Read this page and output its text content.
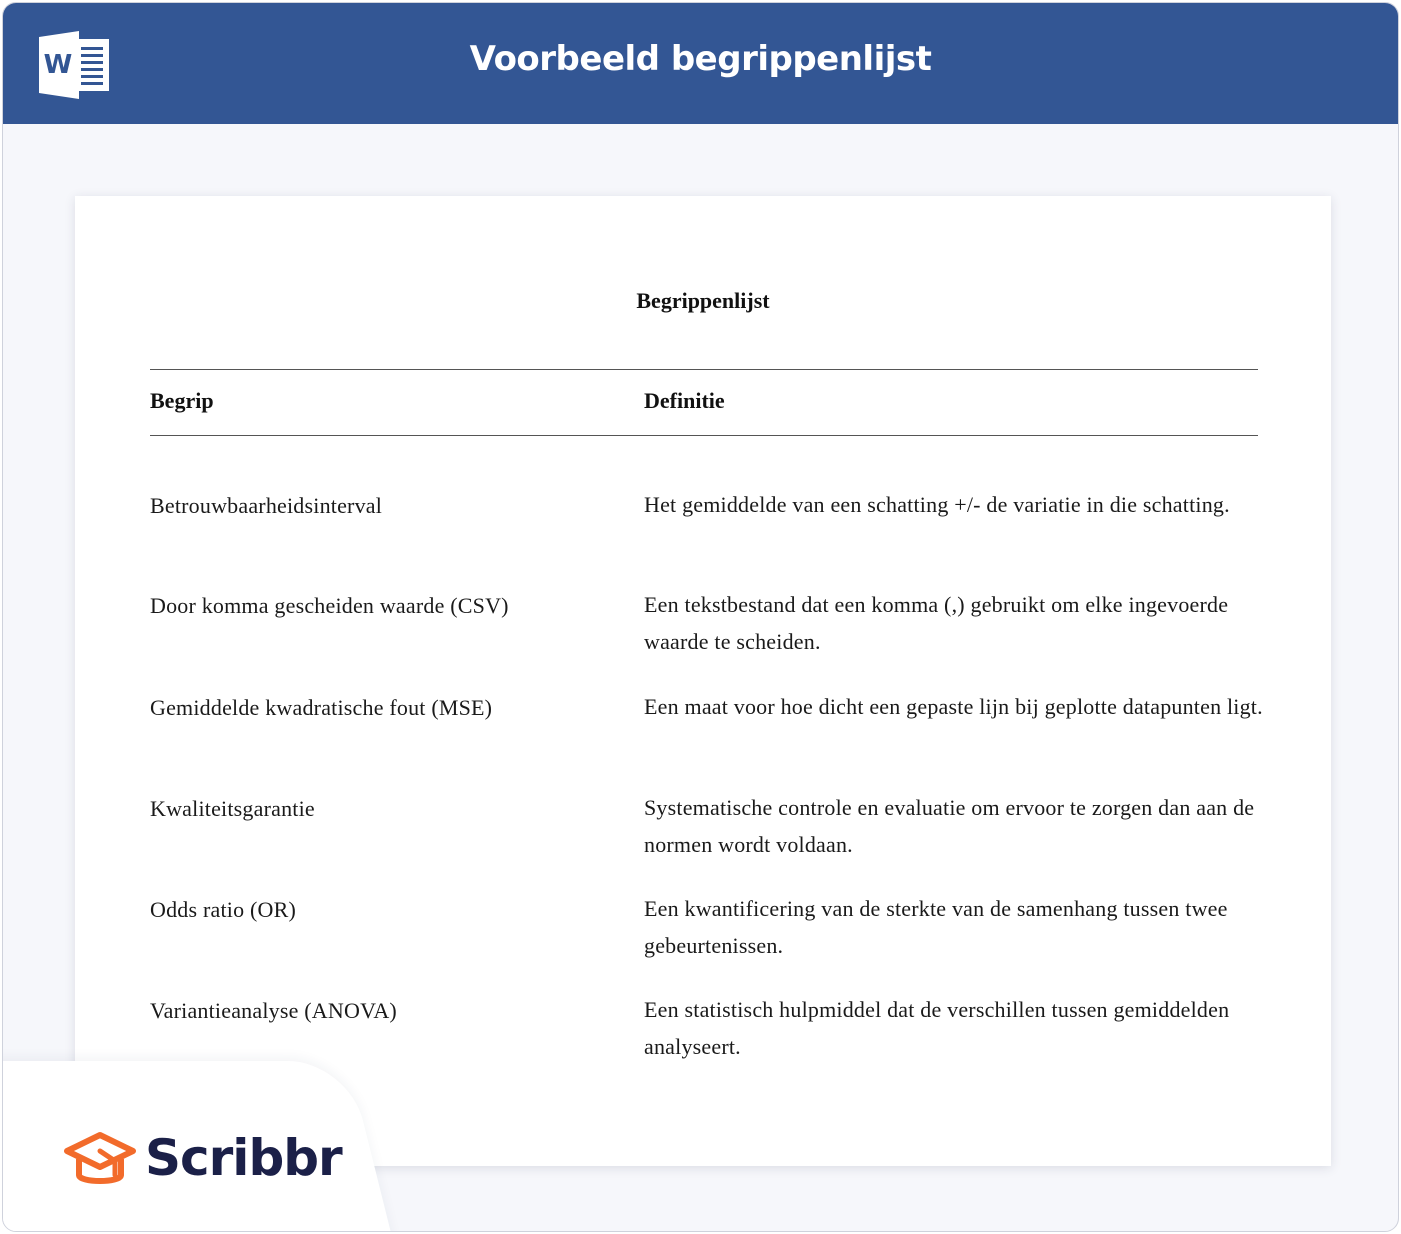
W	Voorbeeld begrippenlijst
Begrippenlijst
Begrip	Definitie
Betrouwbaarheidsinterval	Het gemiddelde van een schatting +/- de variatie in die schatting.
Door komma gescheiden waarde (CSV)	Een tekstbestand dat een komma (,) gebruikt om elke ingevoerde waarde te scheiden.
Gemiddelde kwadratische fout (MSE)	Een maat voor hoe dicht een gepaste lijn bij geplotte datapunten ligt.
Kwaliteitsgarantie	Systematische controle en evaluatie om ervoor te zorgen dan aan de normen wordt voldaan.
Odds ratio (OR)	Een kwantificering van de sterkte van de samenhang tussen twee gebeurtenissen.
Variantieanalyse (ANOVA)	Een statistisch hulpmiddel dat de verschillen tussen gemiddelden analyseert.
Scribbr
